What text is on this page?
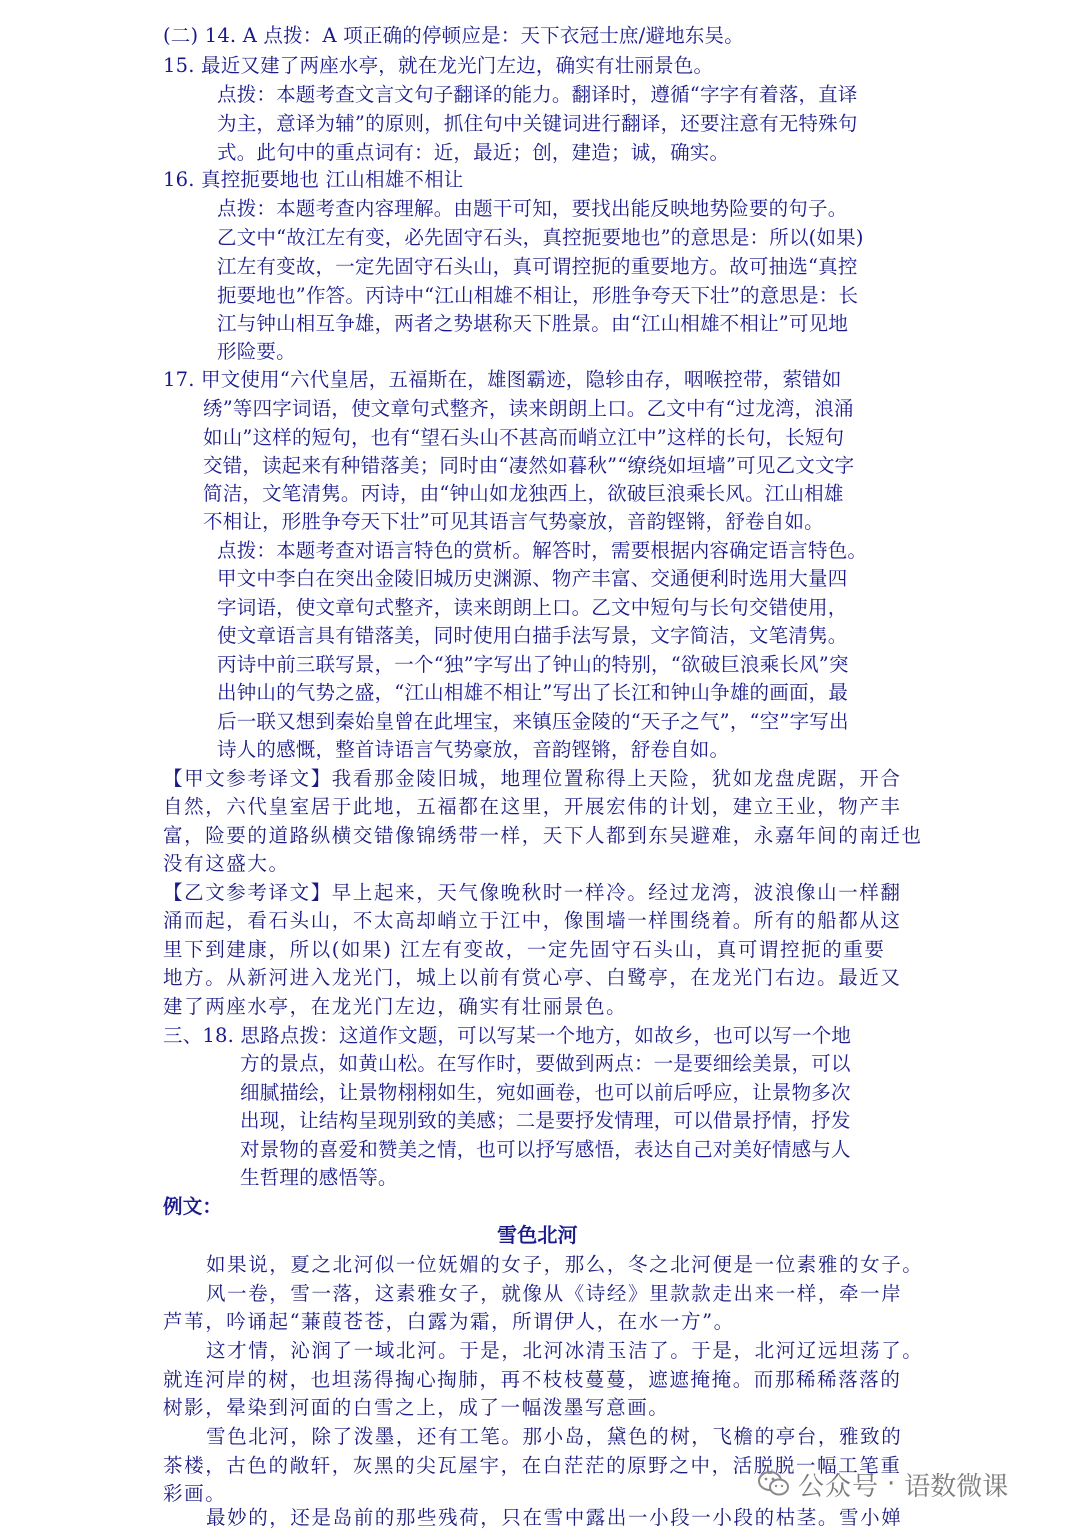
(二) 14. A 点拨：A 项正确的停顿应是：天下衣冠士庶/避地东吴。
15. 最近又建了两座水亭，就在龙光门左边，确实有壮丽景色。
点拨：本题考查文言文句子翻译的能力。翻译时，遵循“字字有着落，直译
为主，意译为辅”的原则，抓住句中关键词进行翻译，还要注意有无特殊句
式。此句中的重点词有：近，最近；创，建造；诚，确实。
16. 真控扼要地也 江山相雄不相让
点拨：本题考查内容理解。由题干可知，要找出能反映地势险要的句子。
乙文中“故江左有变，必先固守石头，真控扼要地也”的意思是：所以(如果)
江左有变故，一定先固守石头山，真可谓控扼的重要地方。故可抽选“真控
扼要地也”作答。丙诗中“江山相雄不相让，形胜争夸天下壮”的意思是：长
江与钟山相互争雄，两者之势堪称天下胜景。由“江山相雄不相让”可见地
形险要。
17. 甲文使用“六代皇居，五福斯在，雄图霸迹，隐轸由存，咽喉控带，萦错如
绣”等四字词语，使文章句式整齐，读来朗朗上口。乙文中有“过龙湾，浪涌
如山”这样的短句，也有“望石头山不甚高而峭立江中”这样的长句，长短句
交错，读起来有种错落美；同时由“凄然如暮秋”“缭绕如垣墙”可见乙文文字
简洁，文笔清隽。丙诗，由“钟山如龙独西上，欲破巨浪乘长风。江山相雄
不相让，形胜争夸天下壮”可见其语言气势豪放，音韵铿锵，舒卷自如。
点拨：本题考查对语言特色的赏析。解答时，需要根据内容确定语言特色。
甲文中李白在突出金陵旧城历史渊源、物产丰富、交通便利时选用大量四
字词语，使文章句式整齐，读来朗朗上口。乙文中短句与长句交错使用，
使文章语言具有错落美，同时使用白描手法写景，文字简洁，文笔清隽。
丙诗中前三联写景，一个“独”字写出了钟山的特别，“欲破巨浪乘长风”突
出钟山的气势之盛，“江山相雄不相让”写出了长江和钟山争雄的画面，最
后一联又想到秦始皇曾在此埋宝，来镇压金陵的“天子之气”，“空”字写出
诗人的感慨，整首诗语言气势豪放，音韵铿锵，舒卷自如。
【甲文参考译文】我看那金陵旧城，地理位置称得上天险，犹如龙盘虎踞，开合
自然，六代皇室居于此地，五福都在这里，开展宏伟的计划，建立王业，物产丰
富，险要的道路纵横交错像锦绣带一样，天下人都到东吴避难，永嘉年间的南迁也
没有这盛大。
【乙文参考译文】早上起来，天气像晚秋时一样冷。经过龙湾，波浪像山一样翻
涌而起，看石头山，不太高却峭立于江中，像围墙一样围绕着。所有的船都从这
里下到建康，所以(如果) 江左有变故，一定先固守石头山，真可谓控扼的重要
地方。从新河进入龙光门，城上以前有赏心亭、白鹭亭，在龙光门右边。最近又
建了两座水亭，在龙光门左边，确实有壮丽景色。
三、18. 思路点拨：这道作文题，可以写某一个地方，如故乡，也可以写一个地
方的景点，如黄山松。在写作时，要做到两点：一是要细绘美景，可以
细腻描绘，让景物栩栩如生，宛如画卷，也可以前后呼应，让景物多次
出现，让结构呈现别致的美感；二是要抒发情理，可以借景抒情，抒发
对景物的喜爱和赞美之情，也可以抒写感悟，表达自己对美好情感与人
生哲理的感悟等。
例文：
雪色北河
如果说，夏之北河似一位妩媚的女子，那么，冬之北河便是一位素雅的女子。
风一卷，雪一落，这素雅女子，就像从《诗经》里款款走出来一样，牵一岸
芦苇，吟诵起“蒹葭苍苍，白露为霜，所谓伊人，在水一方”。
这才情，沁润了一域北河。于是，北河冰清玉洁了。于是，北河辽远坦荡了。
就连河岸的树，也坦荡得掏心掏肺，再不枝枝蔓蔓，遮遮掩掩。而那稀稀落落的
树影，晕染到河面的白雪之上，成了一幅泼墨写意画。
雪色北河，除了泼墨，还有工笔。那小岛，黛色的树，飞檐的亭台，雅致的
茶楼，古色的敞轩，灰黑的尖瓦屋宇，在白茫茫的原野之中，活脱脱一幅工笔重
彩画。
最妙的，还是岛前的那些残荷，只在雪中露出一小段一小段的枯茎。雪小婵
公众号 · 语数微课
